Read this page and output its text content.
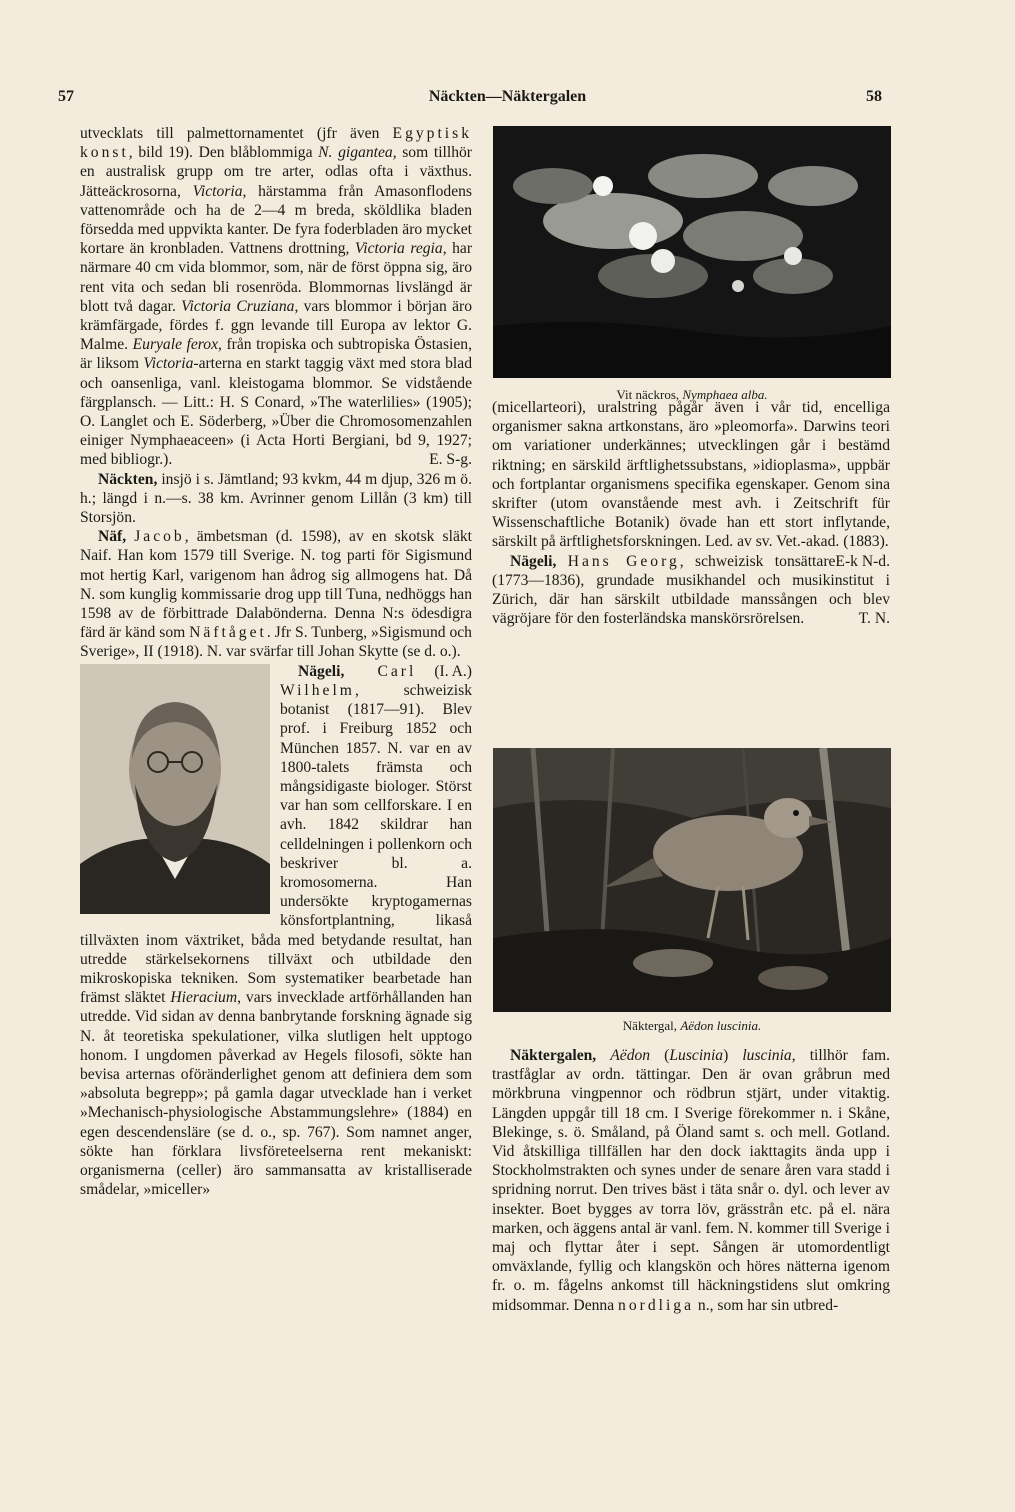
57	Näckten—Näktergalen	58

utvecklats till palmettornamentet (jfr även Egyptisk konst, bild 19). Den blåblommiga N. gigantea, som tillhör en australisk grupp om tre arter, odlas ofta i växthus. Jätteäckrosorna, Victoria, härstamma från Amasonflodens vattenområde och ha de 2—4 m breda, sköldlika bladen försedda med uppvikta kanter. De fyra foderbladen äro mycket kortare än kronbladen. Vattnens drottning, Victoria regia, har närmare 40 cm vida blommor, som, när de först öppna sig, äro rent vita och sedan bli rosenröda. Blommornas livslängd är blott två dagar. Victoria Cruziana, vars blommor i början äro krämfärgade, fördes f. ggn levande till Europa av lektor G. Malme. Euryale ferox, från tropiska och subtropiska Östasien, är liksom Victoria-arterna en starkt taggig växt med stora blad och oansenliga, vanl. kleistogama blommor. Se vidstående färgplansch. — Litt.: H. S Conard, »The waterlilies» (1905); O. Langlet och E. Söderberg, »Über die Chromosomenzahlen einiger Nymphaeaceen» (i Acta Horti Bergiani, bd 9, 1927; med bibliogr.).	E. S-g.

Näckten, insjö i s. Jämtland; 93 kvkm, 44 m djup, 326 m ö. h.; längd i n.—s. 38 km. Avrinner genom Lillån (3 km) till Storsjön.

Näf, Jacob, ämbetsman (d. 1598), av en skotsk släkt Naif. Han kom 1579 till Sverige. N. tog parti för Sigismund mot hertig Karl, varigenom han ådrog sig allmogens hat. Då N. som kunglig kommissarie drog upp till Tuna, nedhöggs han 1598 av de förbittrade Dalabönderna. Denna N:s ödesdigra färd är känd som Näftåget. Jfr S. Tunberg, »Sigismund och Sverige», II (1918). N. var svärfar till Johan Skytte (se d. o.).
(I. A.)

Nägeli, Carl Wilhelm, schweizisk botanist (1817—91). Blev prof. i Freiburg 1852 och München 1857. N. var en av 1800-talets främsta och mångsidigaste biologer. Störst var han som cellforskare. I en avh. 1842 skildrar han celldelningen i pollenkorn och beskriver bl. a. kromosomerna. Han undersökte kryptogamernas könsfortplantning, likaså tillväxten inom växtriket, båda med betydande resultat, han utredde stärkelsekornens tillväxt och utbildade den mikroskopiska tekniken. Som systematiker bearbetade han främst släktet Hieracium, vars invecklade artförhållanden han utredde. Vid sidan av denna banbrytande forskning ägnade sig N. åt teoretiska spekulationer, vilka slutligen helt upptogo honom. I ungdomen påverkad av Hegels filosofi, sökte han bevisa arternas oföränderlighet genom att definiera dem som »absoluta begrepp»; på gamla dagar utvecklade han i verket »Mechanisch-physiologische Abstammungslehre» (1884) en egen descendensläre (se d. o., sp. 767). Som namnet anger, sökte han förklara livsföreteelserna rent mekaniskt: organismerna (celler) äro sammansatta av kristalliserade smådelar, »miceller»

Vit näckros, Nymphaea alba.

(micellarteori), uralstring pågår även i vår tid, encelliga organismer sakna artkonstans, äro »pleomorfa». Darwins teori om variationer underkännes; utvecklingen går i bestämd riktning; en särskild ärftlighetssubstans, »idioplasma», uppbär och fortplantar organismens specifika egenskaper. Genom sina skrifter (utom ovanstående mest avh. i Zeitschrift für Wissenschaftliche Botanik) övade han ett stort inflytande, särskilt på ärftlighetsforskningen. Led. av sv. Vet.-akad. (1883).
E-k N-d.

Nägeli, Hans Georg, schweizisk tonsättare (1773—1836), grundade musikhandel och musikinstitut i Zürich, där han särskilt utbildade manssången och blev vägröjare för den fosterländska manskörsrörelsen.	T. N.

Näktergal, Aëdon luscinia.

Näktergalen, Aëdon (Luscinia) luscinia, tillhör fam. trastfåglar av ordn. tättingar. Den är ovan gråbrun med mörkbruna vingpennor och rödbrun stjärt, under vitaktig. Längden uppgår till 18 cm. I Sverige förekommer n. i Skåne, Blekinge, s. ö. Småland, på Öland samt s. och mell. Gotland. Vid åtskilliga tillfällen har den dock iakttagits ända upp i Stockholmstrakten och synes under de senare åren vara stadd i spridning norrut. Den trives bäst i täta snår o. dyl. och lever av insekter. Boet bygges av torra löv, grässtrån etc. på el. nära marken, och äggens antal är vanl. fem. N. kommer till Sverige i maj och flyttar åter i sept. Sången är utomordentligt omväxlande, fyllig och klangskön och höres nätterna igenom fr. o. m. fågelns ankomst till häckningstidens slut omkring midsommar. Denna nordliga n., som har sin utbred-
